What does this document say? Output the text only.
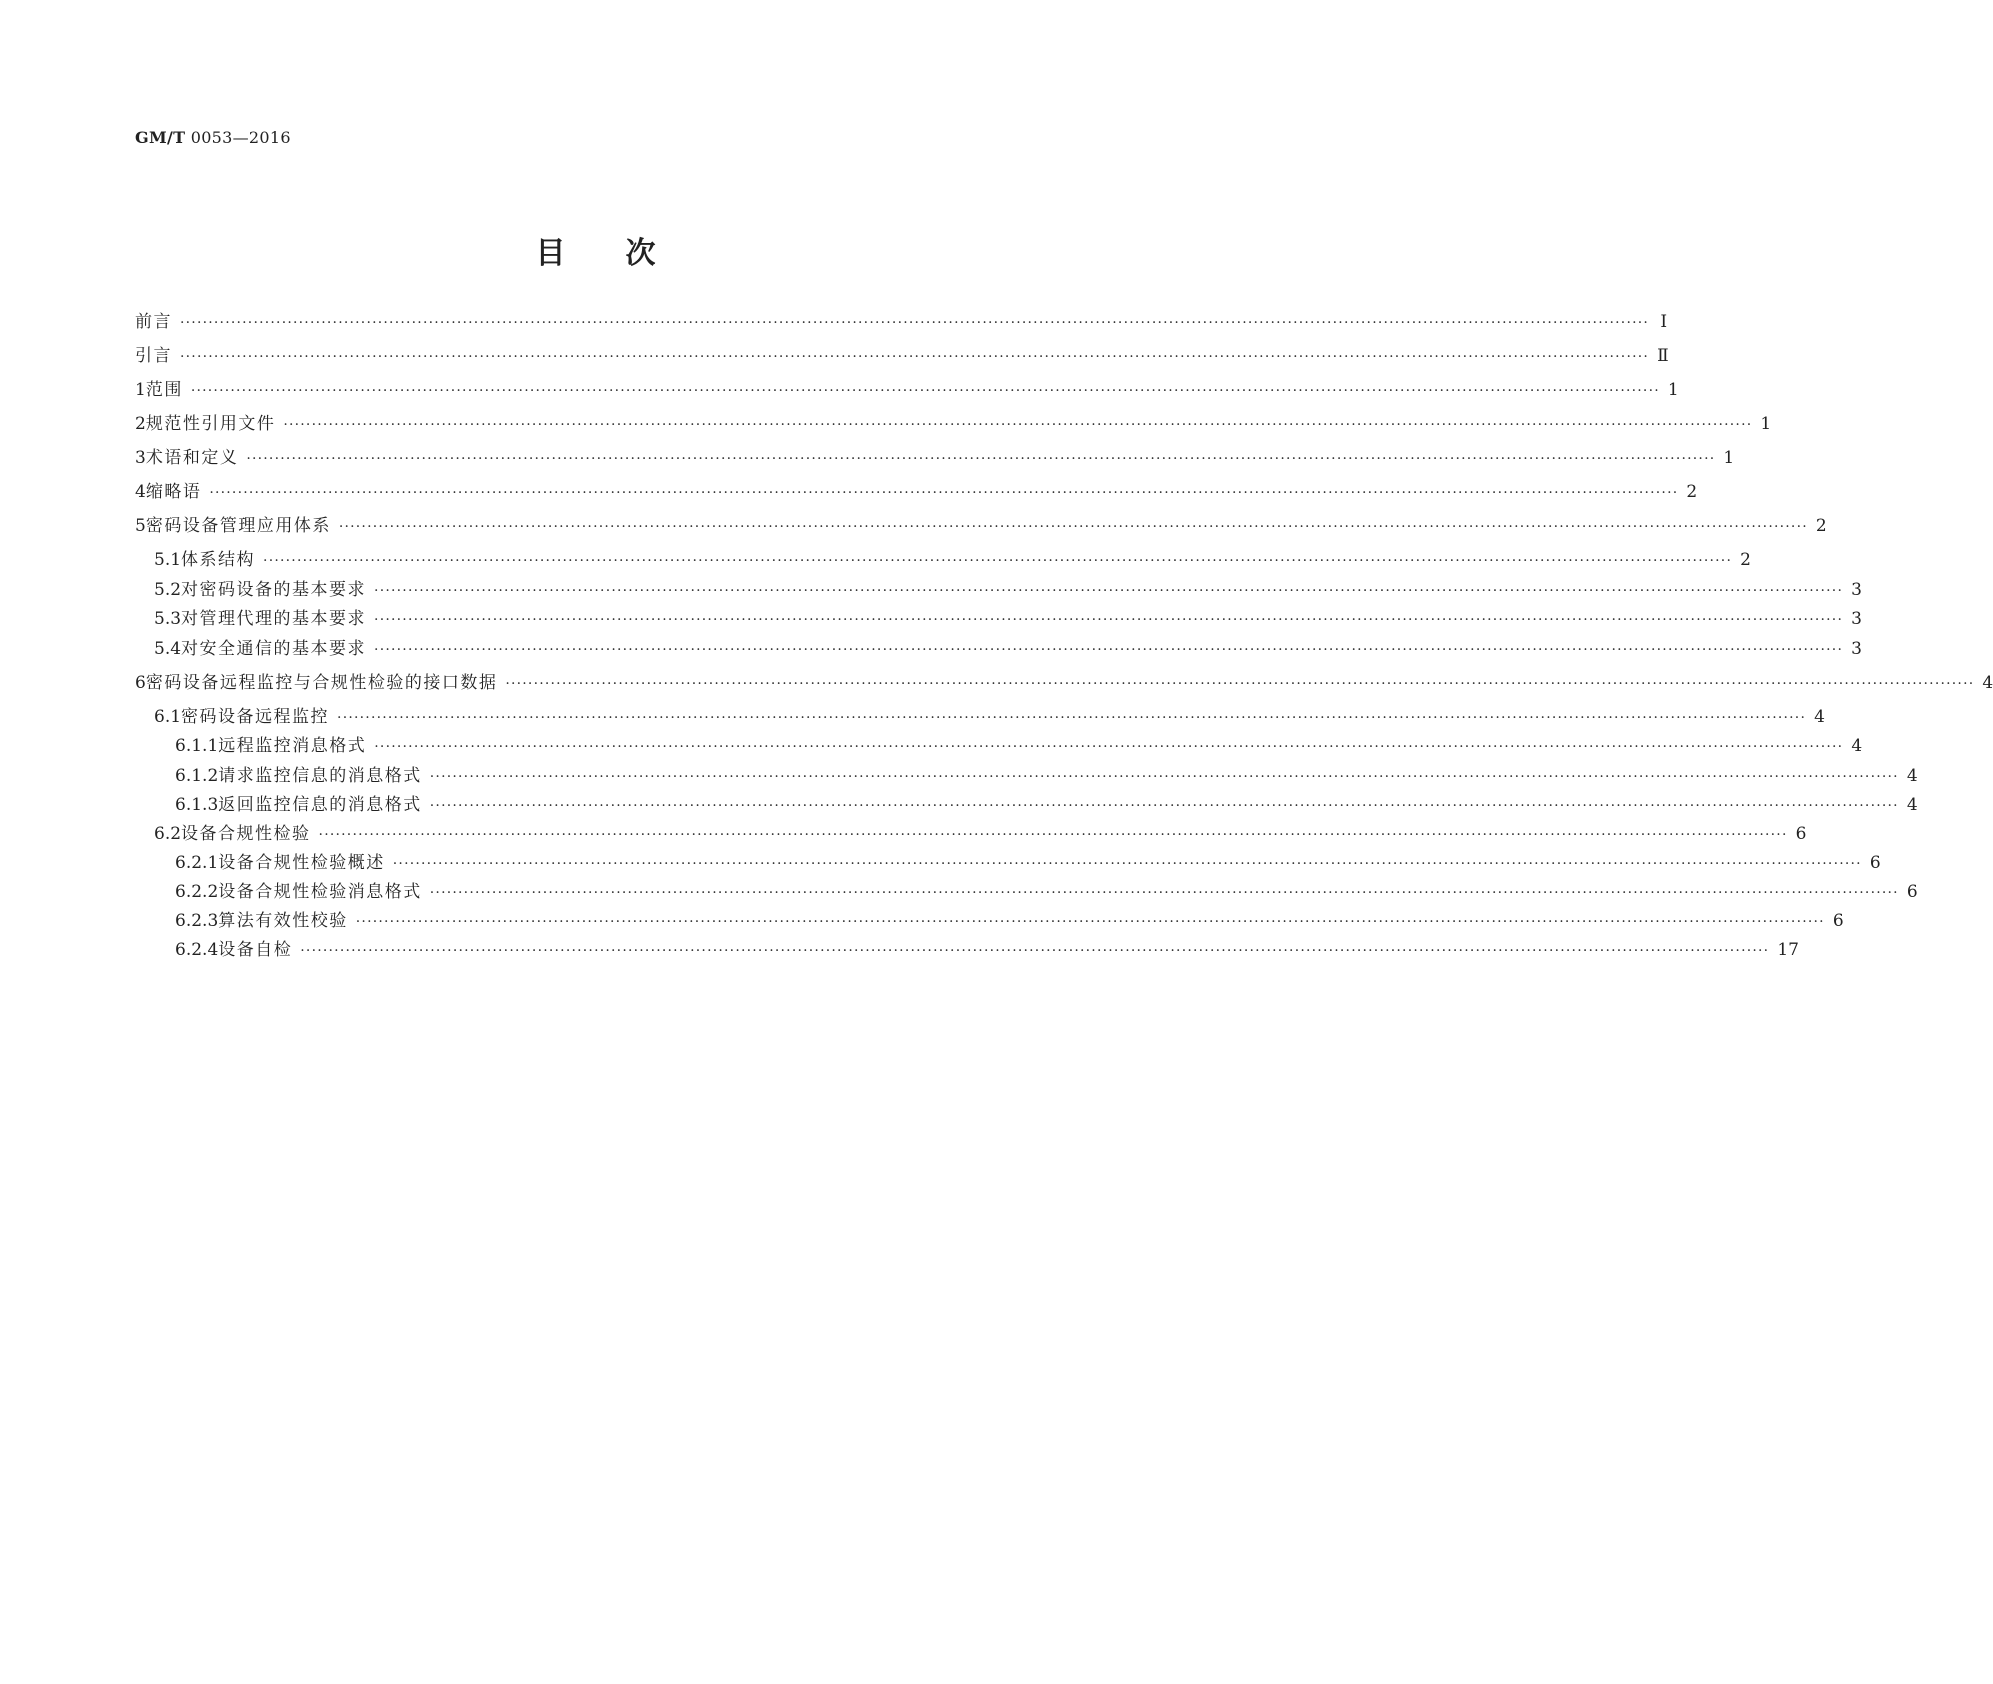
GM/T 0053—2016
目次
前言 ···································································································································································································································································· Ⅰ
引言 ···································································································································································································································································· Ⅱ
1 范围 ···································································································································································································································································· 1
2 规范性引用文件 ···································································································································································································································································· 1
3 术语和定义 ···································································································································································································································································· 1
4 缩略语 ···································································································································································································································································· 2
5 密码设备管理应用体系 ···································································································································································································································································· 2
5.1 体系结构 ···································································································································································································································································· 2
5.2 对密码设备的基本要求 ···································································································································································································································································· 3
5.3 对管理代理的基本要求 ···································································································································································································································································· 3
5.4 对安全通信的基本要求 ···································································································································································································································································· 3
6 密码设备远程监控与合规性检验的接口数据 ···································································································································································································································································· 4
6.1 密码设备远程监控 ···································································································································································································································································· 4
6.1.1 远程监控消息格式 ···································································································································································································································································· 4
6.1.2 请求监控信息的消息格式 ···································································································································································································································································· 4
6.1.3 返回监控信息的消息格式 ···································································································································································································································································· 4
6.2 设备合规性检验 ···································································································································································································································································· 6
6.2.1 设备合规性检验概述 ···································································································································································································································································· 6
6.2.2 设备合规性检验消息格式 ···································································································································································································································································· 6
6.2.3 算法有效性校验 ···································································································································································································································································· 6
6.2.4 设备自检 ···································································································································································································································································· 17
